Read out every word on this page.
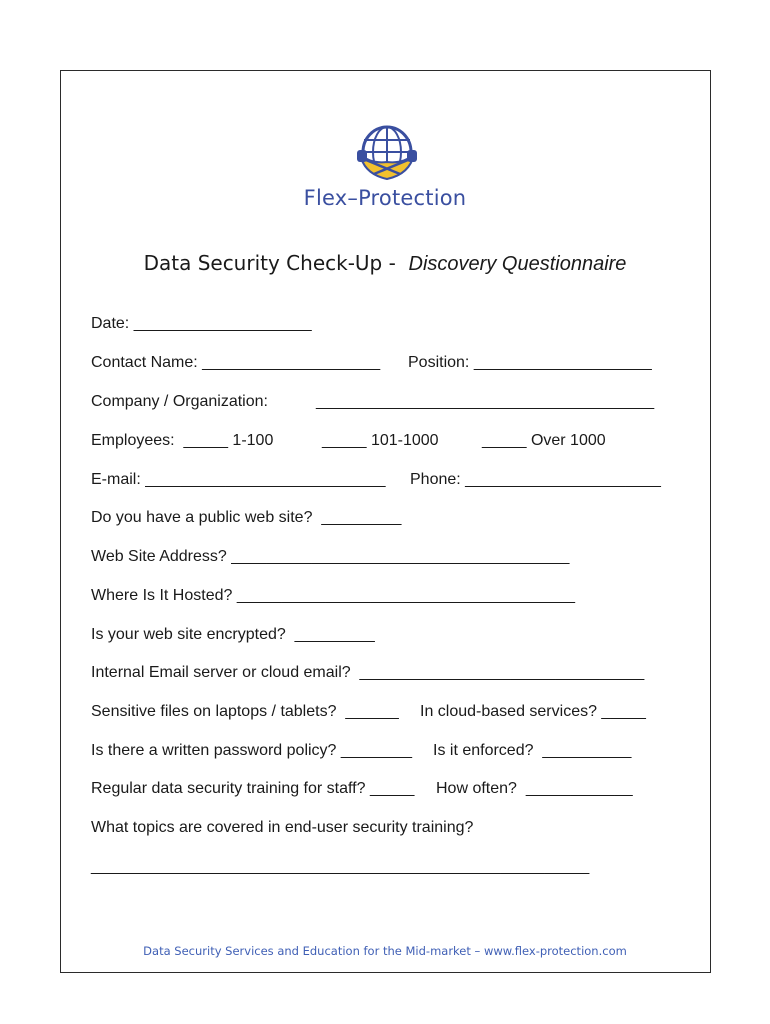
Flex–Protection
Data Security Check-Up -  Discovery Questionnaire
Date: ____________________
Contact Name: ____________________ Position: ____________________
Company / Organization:	______________________________________
Employees:  _____ 1-100	_____ 101-1000	_____ Over 1000
E-mail: ___________________________ Phone: ______________________
Do you have a public web site?  _________
Web Site Address? ______________________________________
Where Is It Hosted? ______________________________________
Is your web site encrypted?  _________
Internal Email server or cloud email?  ________________________________
Sensitive files on laptops / tablets?  ______ In cloud-based services? _____
Is there a written password policy? ________ Is it enforced?  __________
Regular data security training for staff? _____ How often?  ____________
What topics are covered in end-user security training?
________________________________________________________
Data Security Services and Education for the Mid-market – www.flex-protection.com
